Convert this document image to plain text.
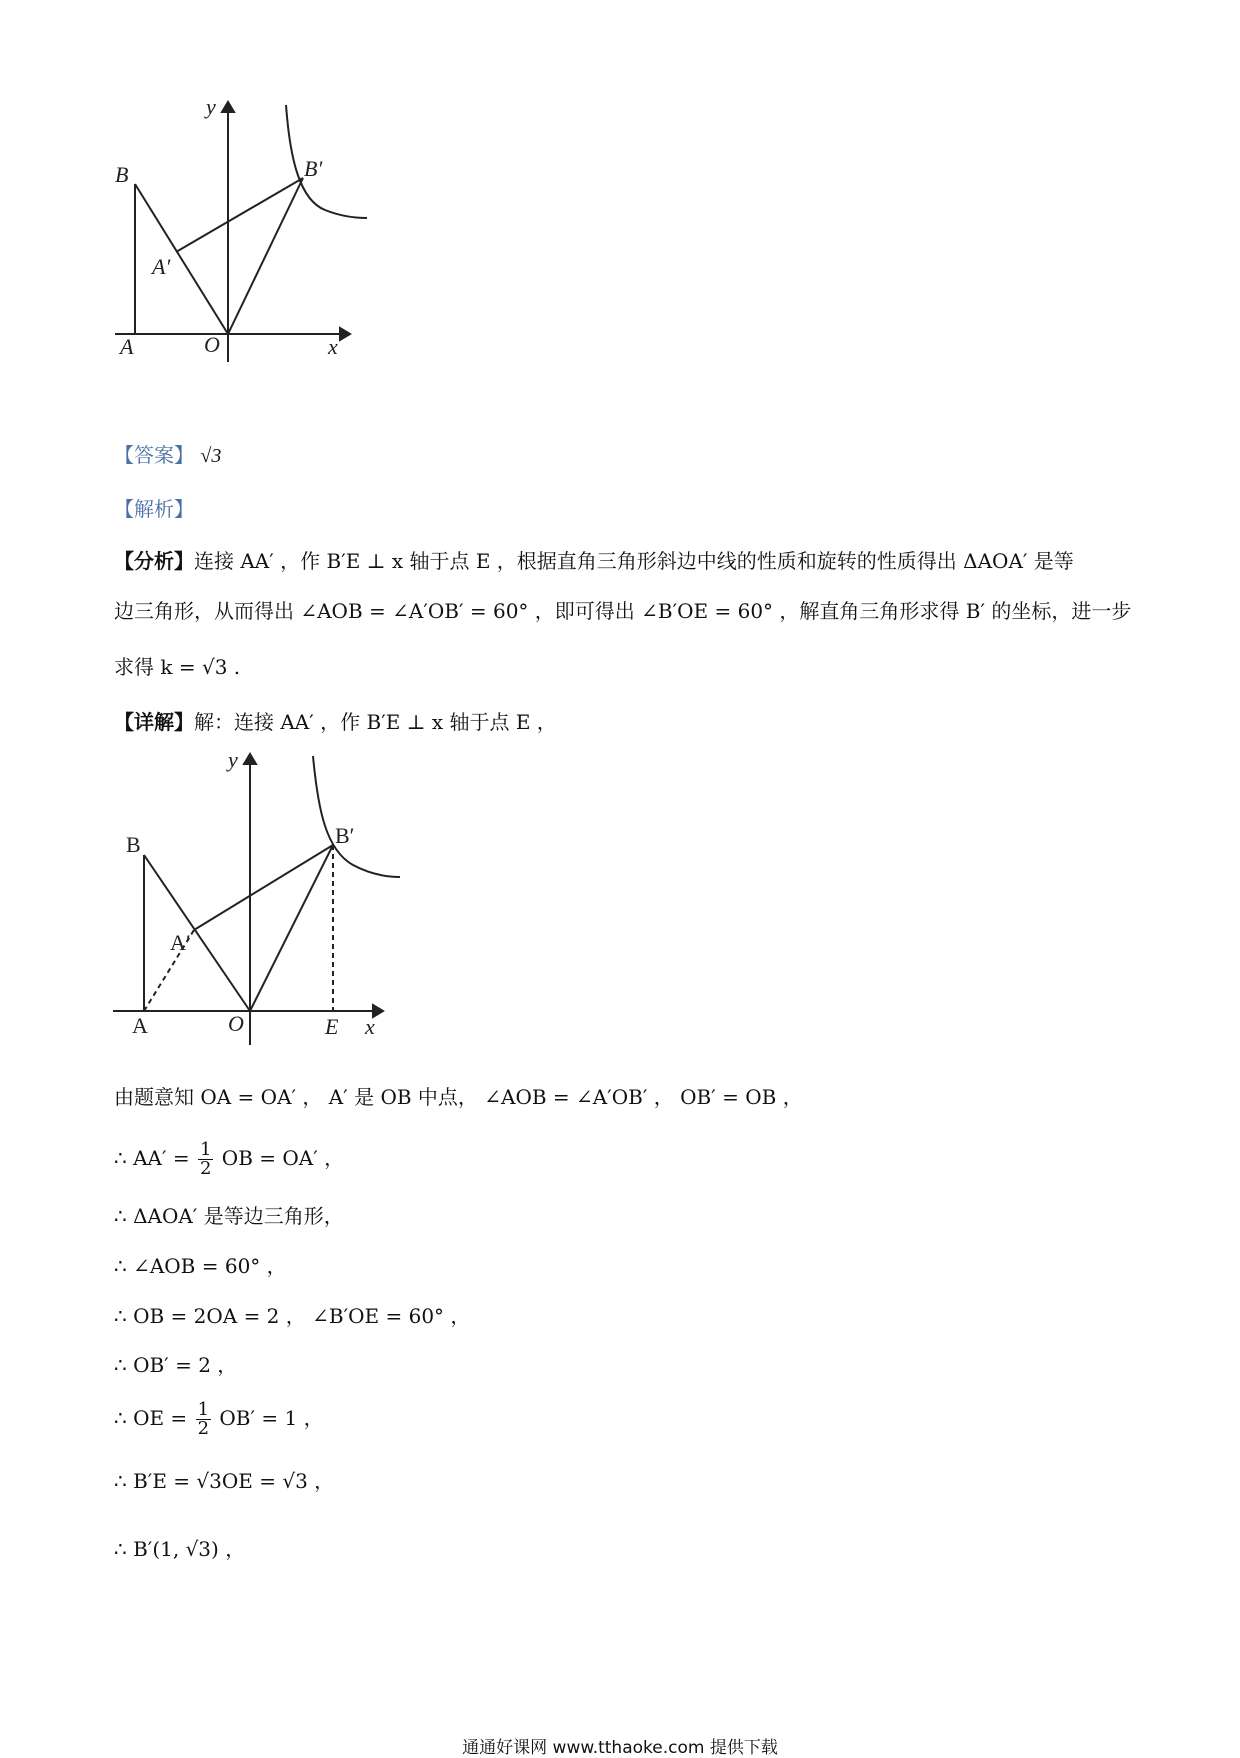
y
B	B′
A′
A	O	x
【答案】 √3
【解析】
【分析】连接 AA′ ，作 B′E ⊥ x 轴于点 E ，根据直角三角形斜边中线的性质和旋转的性质得出 ΔAOA′ 是等
边三角形，从而得出 ∠AOB = ∠A′OB′ = 60° ，即可得出 ∠B′OE = 60° ，解直角三角形求得 B′ 的坐标，进一步
求得 k = √3 .
【详解】解：连接 AA′ ，作 B′E ⊥ x 轴于点 E ，
y
B	B′
A′
A	O	E x
由题意知 OA = OA′ ， A′ 是 OB 中点， ∠AOB = ∠A′OB′ ， OB′ = OB ，
∴ $AA' = \frac{1}{2}$ OB = OA′ ，
∴ ΔAOA′ 是等边三角形，
∴ ∠AOB = 60° ，
∴ OB = 2OA = 2 ， ∠B′OE = 60° ，
∴ OB′ = 2 ，
∴ OE = $\frac{1}{2} OB' = 1$ ，
∴ B′E = √3OE = √3 ，
∴ B′(1, √3) ，
通通好课网 www.tthaoke.com 提供下载
